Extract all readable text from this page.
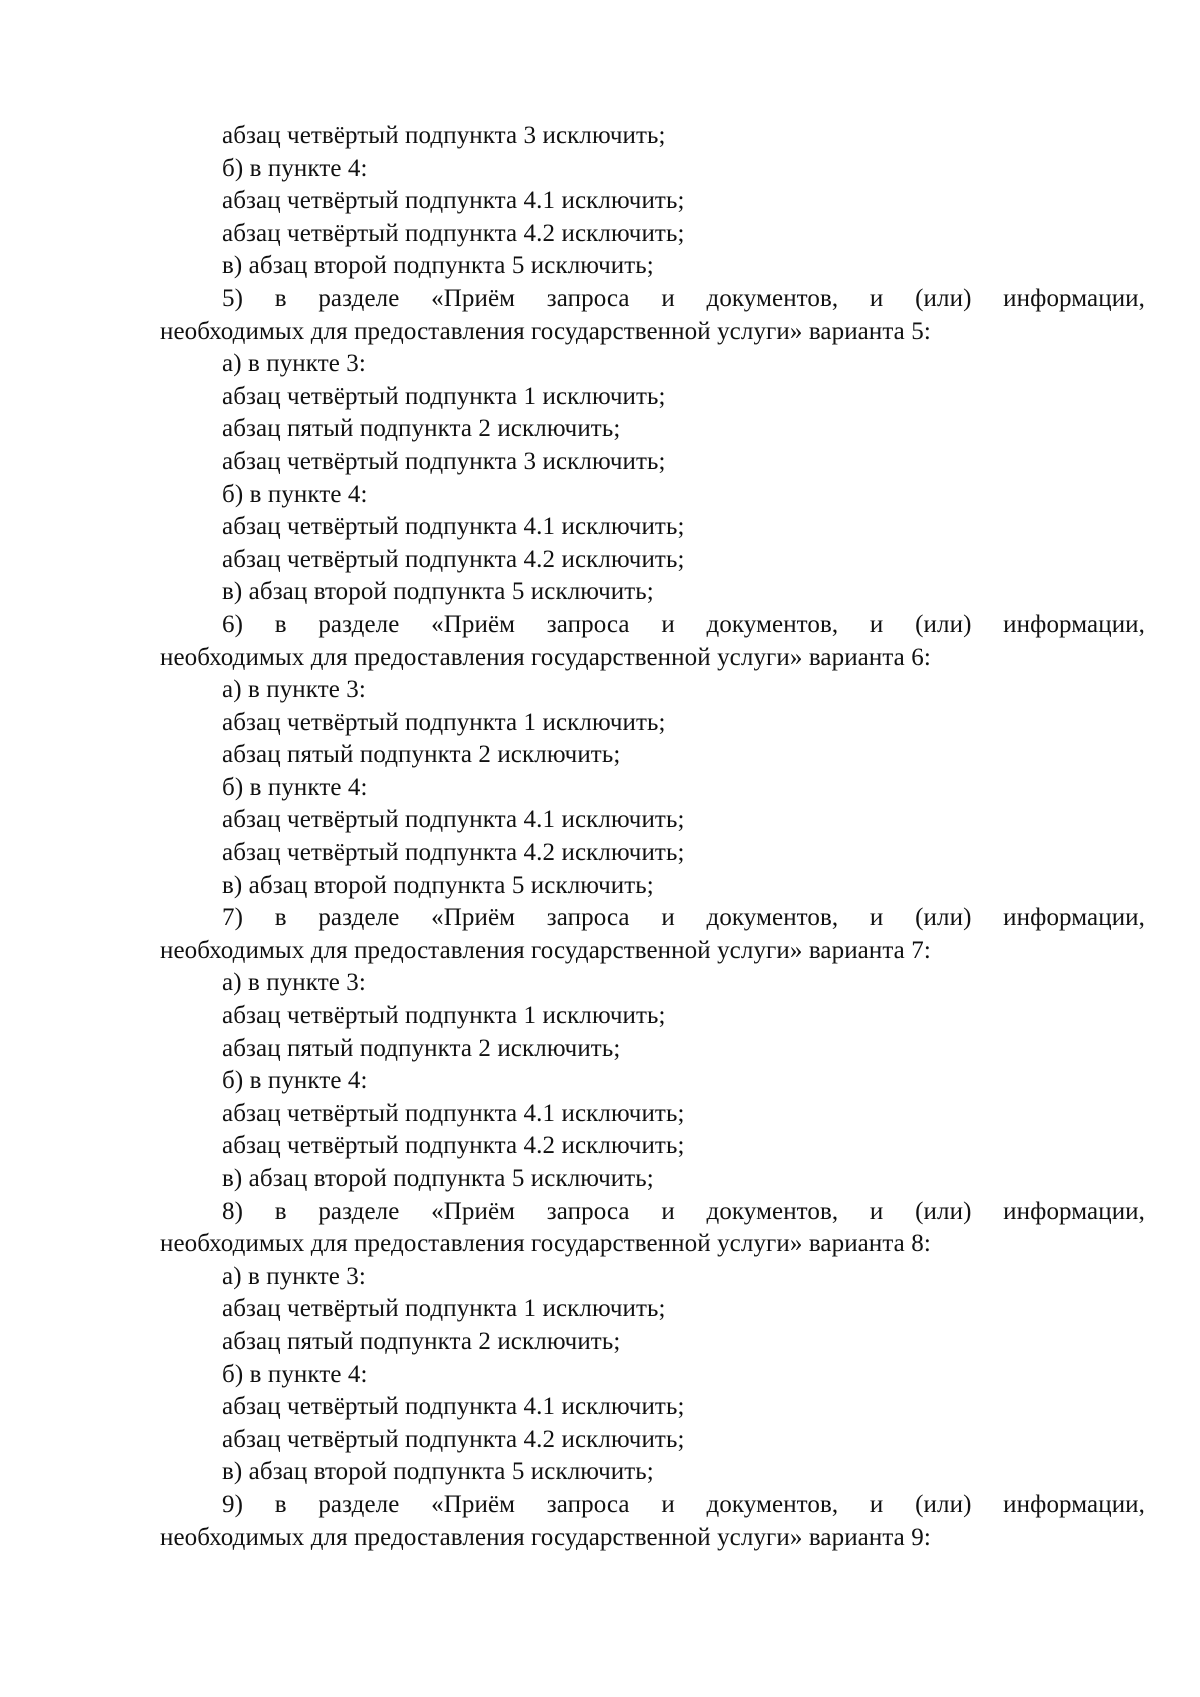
абзац четвёртый подпункта 3 исключить;

б) в пункте 4:

абзац четвёртый подпункта 4.1 исключить;

абзац четвёртый подпункта 4.2 исключить;

в) абзац второй подпункта 5 исключить;

5) в разделе «Приём запроса и документов, и (или) информации,

необходимых для предоставления государственной услуги» варианта 5:

а) в пункте 3:

абзац четвёртый подпункта 1 исключить;

абзац пятый подпункта 2 исключить;

абзац четвёртый подпункта 3 исключить;

б) в пункте 4:

абзац четвёртый подпункта 4.1 исключить;

абзац четвёртый подпункта 4.2 исключить;

в) абзац второй подпункта 5 исключить;

6) в разделе «Приём запроса и документов, и (или) информации,

необходимых для предоставления государственной услуги» варианта 6:

а) в пункте 3:

абзац четвёртый подпункта 1 исключить;

абзац пятый подпункта 2 исключить;

б) в пункте 4:

абзац четвёртый подпункта 4.1 исключить;

абзац четвёртый подпункта 4.2 исключить;

в) абзац второй подпункта 5 исключить;

7) в разделе «Приём запроса и документов, и (или) информации,

необходимых для предоставления государственной услуги» варианта 7:

а) в пункте 3:

абзац четвёртый подпункта 1 исключить;

абзац пятый подпункта 2 исключить;

б) в пункте 4:

абзац четвёртый подпункта 4.1 исключить;

абзац четвёртый подпункта 4.2 исключить;

в) абзац второй подпункта 5 исключить;

8) в разделе «Приём запроса и документов, и (или) информации,

необходимых для предоставления государственной услуги» варианта 8:

а) в пункте 3:

абзац четвёртый подпункта 1 исключить;

абзац пятый подпункта 2 исключить;

б) в пункте 4:

абзац четвёртый подпункта 4.1 исключить;

абзац четвёртый подпункта 4.2 исключить;

в) абзац второй подпункта 5 исключить;

9) в разделе «Приём запроса и документов, и (или) информации,

необходимых для предоставления государственной услуги» варианта 9:
